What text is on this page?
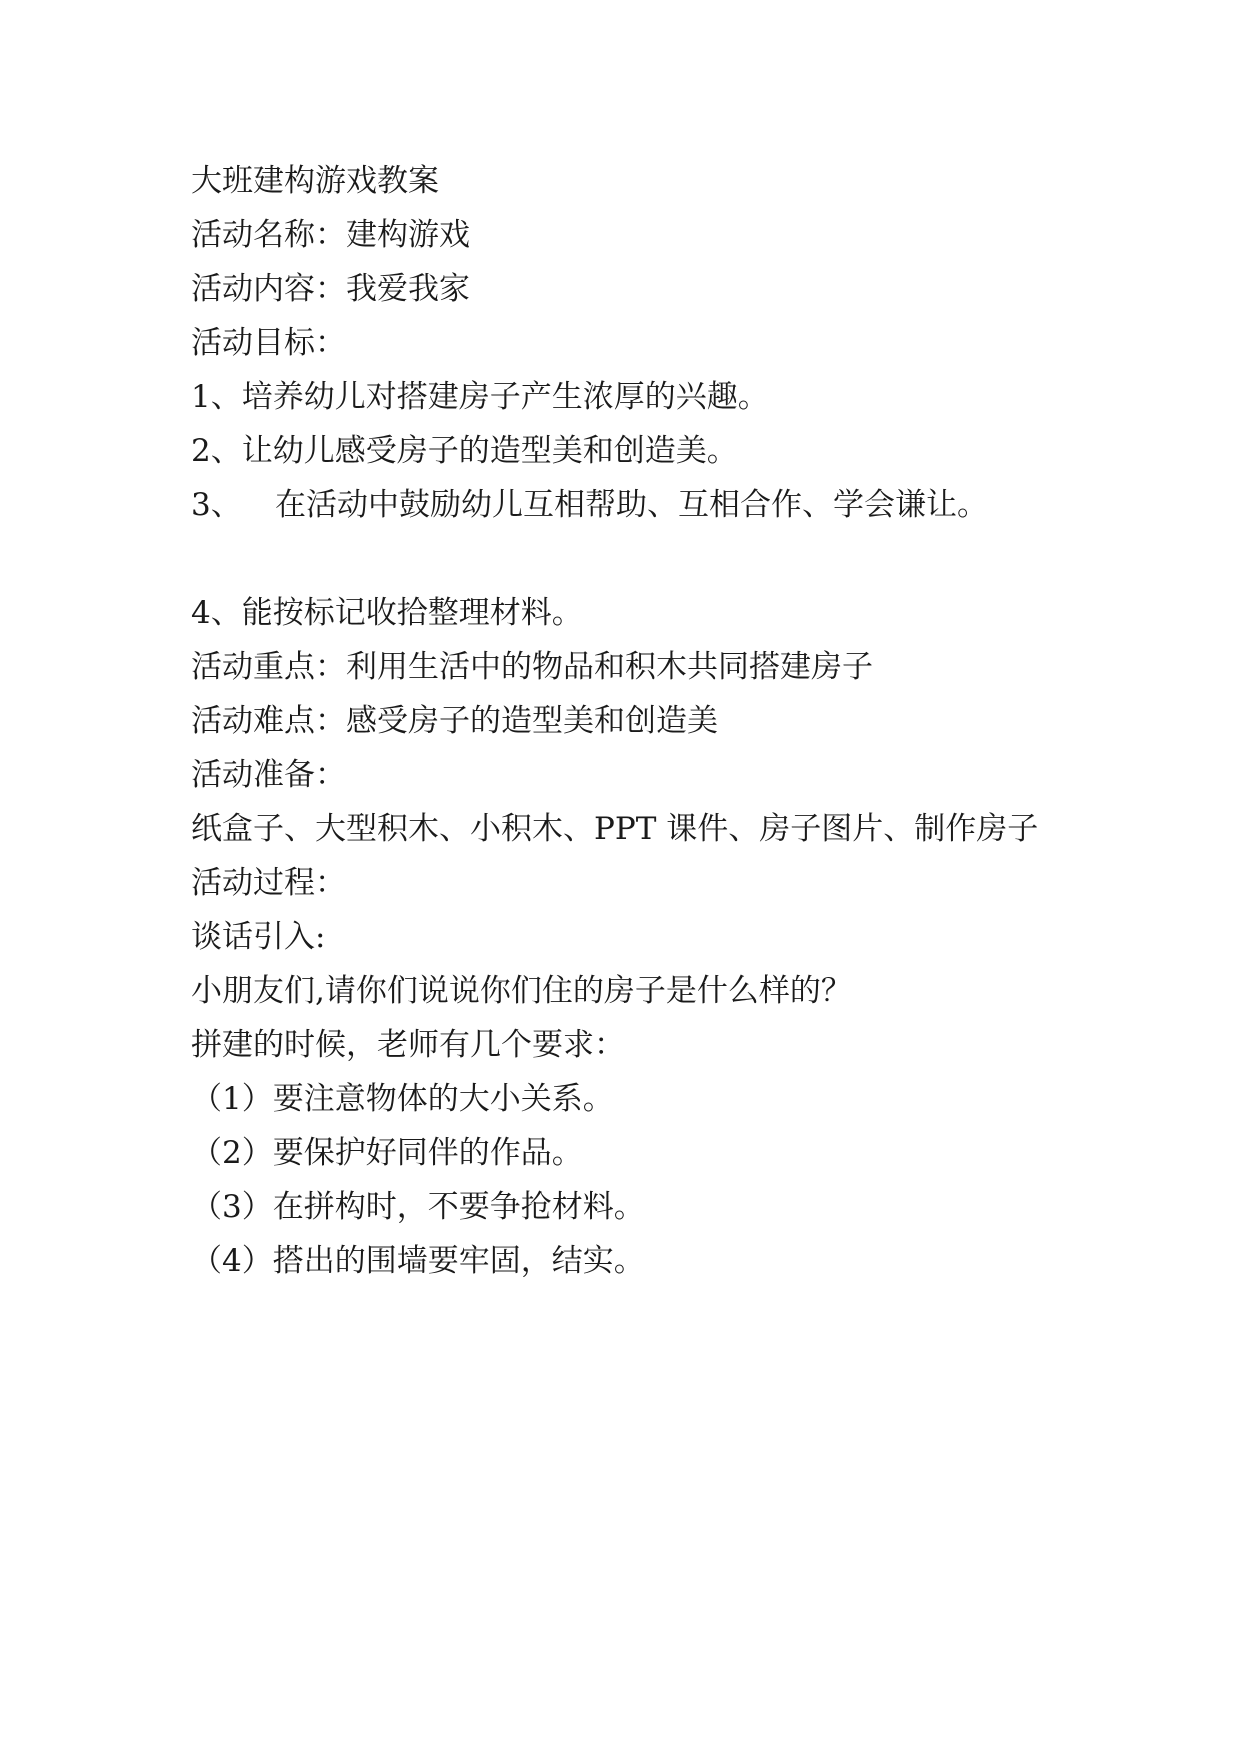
大班建构游戏教案

活动名称：建构游戏

活动内容：我爱我家

活动目标：

1、培养幼儿对搭建房子产生浓厚的兴趣。

2、让幼儿感受房子的造型美和创造美。

3、 在活动中鼓励幼儿互相帮助、互相合作、学会谦让。

4、能按标记收拾整理材料。

活动重点：利用生活中的物品和积木共同搭建房子

活动难点：感受房子的造型美和创造美

活动准备：

纸盒子、大型积木、小积木、PPT 课件、房子图片、制作房子

活动过程：

谈话引入:

小朋友们,请你们说说你们住的房子是什么样的？

拼建的时候，老师有几个要求：

（1）要注意物体的大小关系。

（2）要保护好同伴的作品。

（3）在拼构时，不要争抢材料。

（4）搭出的围墙要牢固，结实。
